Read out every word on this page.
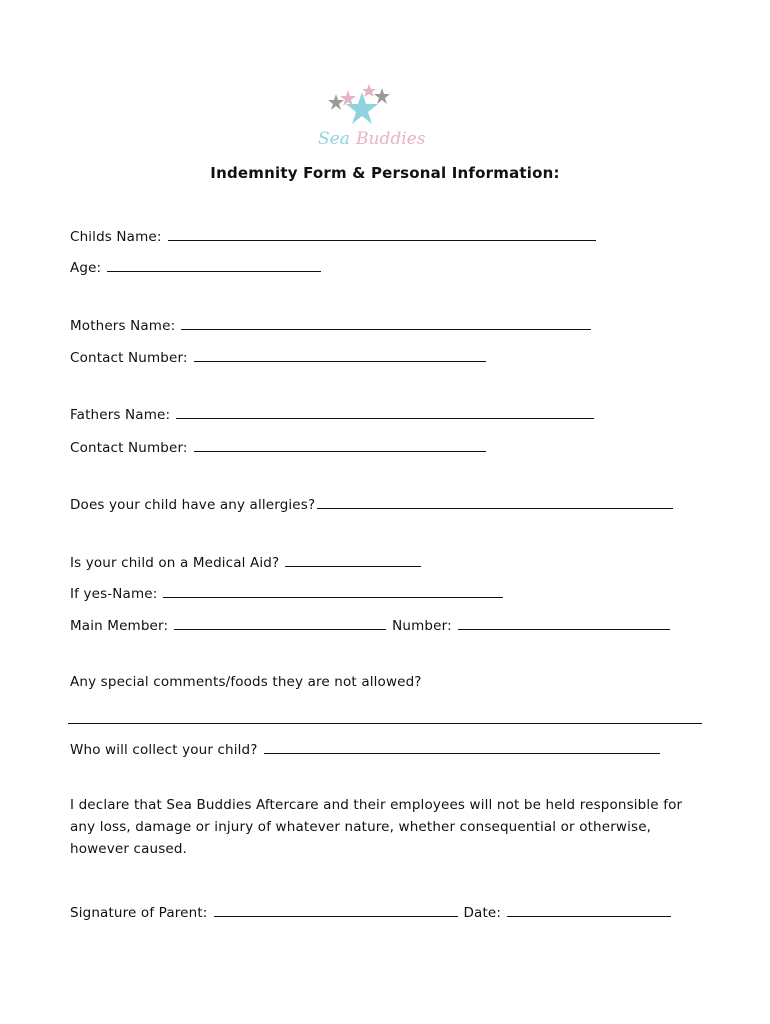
Sea Buddies
Indemnity Form & Personal Information:
Childs Name:
Age:
Mothers Name:
Contact Number:
Fathers Name:
Contact Number:
Does your child have any allergies?
Is your child on a Medical Aid?
If yes-Name:
Main Member:	Number:
Any special comments/foods they are not allowed?
Who will collect your child?
I declare that Sea Buddies Aftercare and their employees will not be held responsible for any loss, damage or injury of whatever nature, whether consequential or otherwise, however caused.
Signature of Parent:	Date:
